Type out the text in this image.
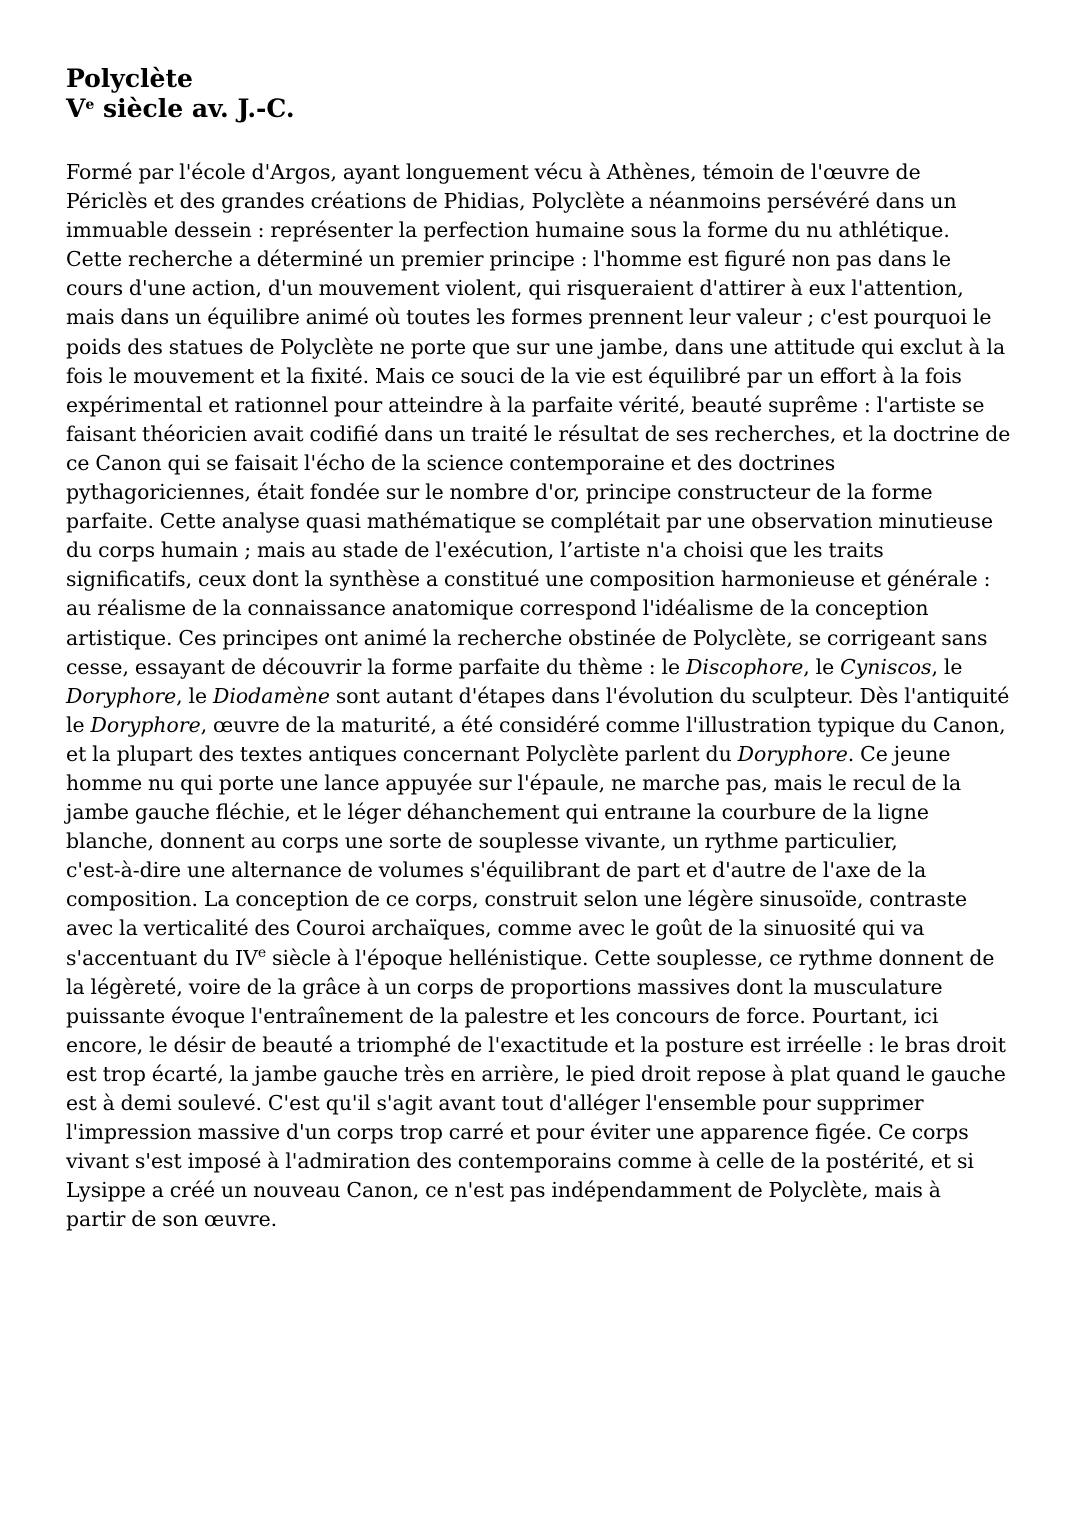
Polyclète
Ve siècle av. J.-C.
Formé par l'école d'Argos, ayant longuement vécu à Athènes, témoin de l'œuvre de
Périclès et des grandes créations de Phidias, Polyclète a néanmoins persévéré dans un
immuable dessein : représenter la perfection humaine sous la forme du nu athlétique.
Cette recherche a déterminé un premier principe : l'homme est figuré non pas dans le
cours d'une action, d'un mouvement violent, qui risqueraient d'attirer à eux l'attention,
mais dans un équilibre animé où toutes les formes prennent leur valeur ; c'est pourquoi le
poids des statues de Polyclète ne porte que sur une jambe, dans une attitude qui exclut à la
fois le mouvement et la fixité. Mais ce souci de la vie est équilibré par un effort à la fois
expérimental et rationnel pour atteindre à la parfaite vérité, beauté suprême : l'artiste se
faisant théoricien avait codifié dans un traité le résultat de ses recherches, et la doctrine de
ce Canon qui se faisait l'écho de la science contemporaine et des doctrines
pythagoriciennes, était fondée sur le nombre d'or, principe constructeur de la forme
parfaite. Cette analyse quasi mathématique se complétait par une observation minutieuse
du corps humain ; mais au stade de l'exécution, l’artiste n'a choisi que les traits
significatifs, ceux dont la synthèse a constitué une composition harmonieuse et générale :
au réalisme de la connaissance anatomique correspond l'idéalisme de la conception
artistique. Ces principes ont animé la recherche obstinée de Polyclète, se corrigeant sans
cesse, essayant de découvrir la forme parfaite du thème : le Discophore, le Cyniscos, le
Doryphore, le Diodamène sont autant d'étapes dans l'évolution du sculpteur. Dès l'antiquité
le Doryphore, œuvre de la maturité, a été considéré comme l'illustration typique du Canon,
et la plupart des textes antiques concernant Polyclète parlent du Doryphore. Ce jeune
homme nu qui porte une lance appuyée sur l'épaule, ne marche pas, mais le recul de la
jambe gauche fléchie, et le léger déhanchement qui entraıne la courbure de la ligne
blanche, donnent au corps une sorte de souplesse vivante, un rythme particulier,
c'est-à-dire une alternance de volumes s'équilibrant de part et d'autre de l'axe de la
composition. La conception de ce corps, construit selon une légère sinusoïde, contraste
avec la verticalité des Couroi archaïques, comme avec le goût de la sinuosité qui va
s'accentuant du IVe siècle à l'époque hellénistique. Cette souplesse, ce rythme donnent de
la légèreté, voire de la grâce à un corps de proportions massives dont la musculature
puissante évoque l'entraînement de la palestre et les concours de force. Pourtant, ici
encore, le désir de beauté a triomphé de l'exactitude et la posture est irréelle : le bras droit
est trop écarté, la jambe gauche très en arrière, le pied droit repose à plat quand le gauche
est à demi soulevé. C'est qu'il s'agit avant tout d'alléger l'ensemble pour supprimer
l'impression massive d'un corps trop carré et pour éviter une apparence figée. Ce corps
vivant s'est imposé à l'admiration des contemporains comme à celle de la postérité, et si
Lysippe a créé un nouveau Canon, ce n'est pas indépendamment de Polyclète, mais à
partir de son œuvre.
